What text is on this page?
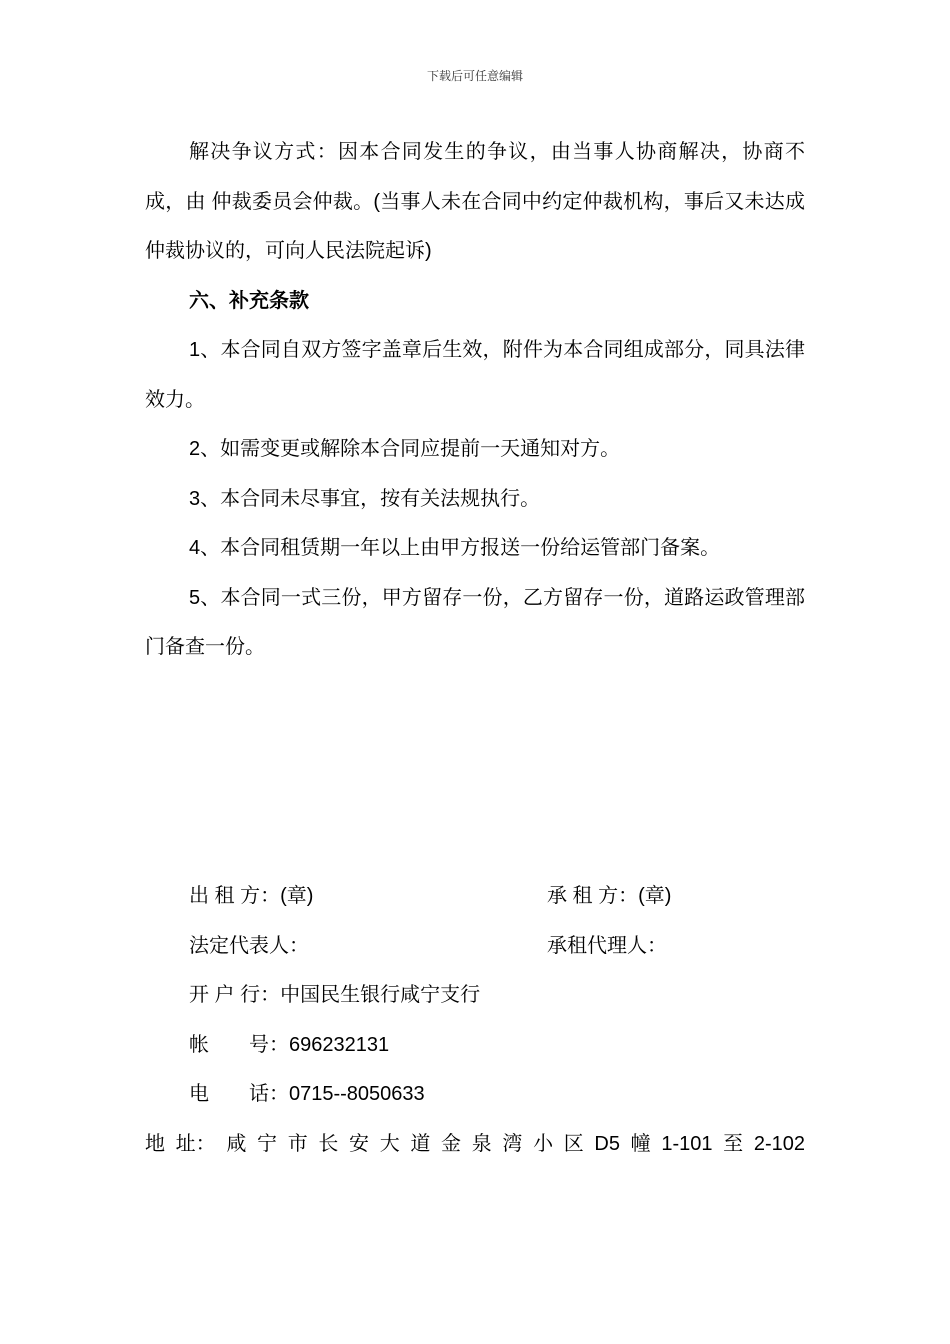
下载后可任意编辑

解决争议方式：因本合同发生的争议，由当事人协商解决，协商不成，由 仲裁委员会仲裁。(当事人未在合同中约定仲裁机构，事后又未达成仲裁协议的，可向人民法院起诉)

六、补充条款

1、本合同自双方签字盖章后生效，附件为本合同组成部分，同具法律效力。

2、如需变更或解除本合同应提前一天通知对方。

3、本合同未尽事宜，按有关法规执行。

4、本合同租赁期一年以上由甲方报送一份给运管部门备案。

5、本合同一式三份，甲方留存一份，乙方留存一份，道路运政管理部门备查一份。

出 租 方：(章)	承 租 方：(章)
法定代表人：	承租代理人：
开 户 行：中国民生银行咸宁支行
帐　　号：696232131
电　　话：0715--8050633
地 址： 咸 宁 市 长 安 大 道 金 泉 湾 小 区 D5 幢 1-101 至 2-102
